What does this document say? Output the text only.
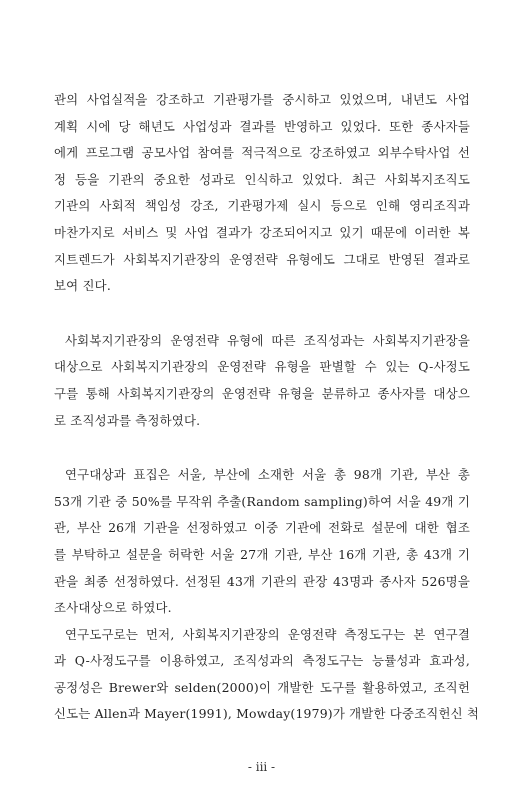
관의 사업실적을 강조하고 기관평가를 중시하고 있었으며, 내년도 사업
계획 시에 당 해년도 사업성과 결과를 반영하고 있었다. 또한 종사자들
에게 프로그램 공모사업 참여를 적극적으로 강조하였고 외부수탁사업 선
정 등을 기관의 중요한 성과로 인식하고 있었다. 최근 사회복지조직도
기관의 사회적 책임성 강조, 기관평가제 실시 등으로 인해 영리조직과
마찬가지로 서비스 및 사업 결과가 강조되어지고 있기 때문에 이러한 복
지트렌드가 사회복지기관장의 운영전략 유형에도 그대로 반영된 결과로
보여 진다.
사회복지기관장의 운영전략 유형에 따른 조직성과는 사회복지기관장을
대상으로 사회복지기관장의 운영전략 유형을 판별할 수 있는 Q-사정도
구를 통해 사회복지기관장의 운영전략 유형을 분류하고 종사자를 대상으
로 조직성과를 측정하였다.
연구대상과 표집은 서울, 부산에 소재한 서울 총 98개 기관, 부산 총
53개 기관 중 50%를 무작위 추출(Random sampling)하여 서울 49개 기
관, 부산 26개 기관을 선정하였고 이중 기관에 전화로 설문에 대한 협조
를 부탁하고 설문을 허락한 서울 27개 기관, 부산 16개 기관, 총 43개 기
관을 최종 선정하였다. 선정된 43개 기관의 관장 43명과 종사자 526명을
조사대상으로 하였다.
연구도구로는 먼저, 사회복지기관장의 운영전략 측정도구는 본 연구결
과 Q-사정도구를 이용하였고, 조직성과의 측정도구는 능률성과 효과성,
공정성은 Brewer와 selden(2000)이 개발한 도구를 활용하였고, 조직헌
신도는 Allen과 Mayer(1991), Mowday(1979)가 개발한 다중조직헌신 척
- iii -
